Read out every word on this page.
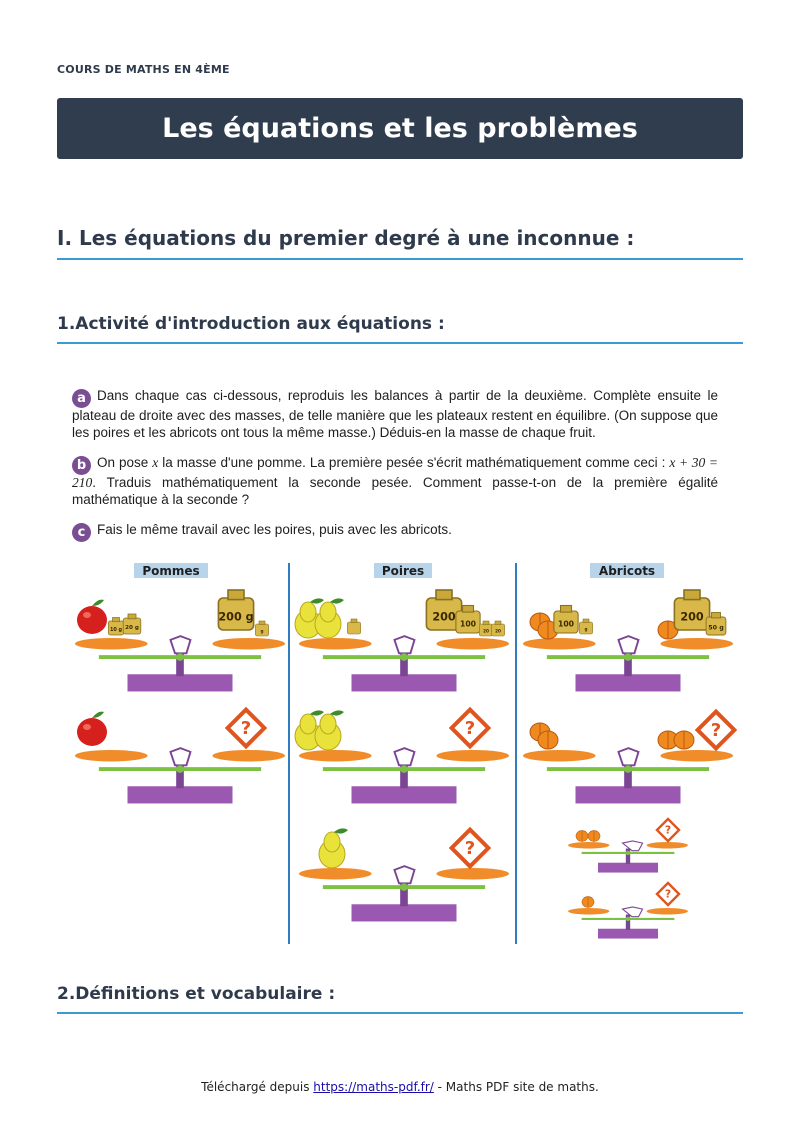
COURS DE MATHS EN 4ÈME
Les équations et les problèmes
I. Les équations du premier degré à une inconnue :
1.Activité d'introduction aux équations :

a Dans chaque cas ci-dessous, reproduis les balances à partir de la deuxième. Complète ensuite le plateau de droite avec des masses, de telle manière que les plateaux restent en équilibre. (On suppose que les poires et les abricots ont tous la même masse.) Déduis-en la masse de chaque fruit.

b On pose x la masse d'une pomme. La première pesée s'écrit mathématiquement comme ceci : x + 30 = 210. Traduis mathématiquement la seconde pesée. Comment passe-t-on de la première égalité mathématique à la seconde ?

c Fais le même travail avec les poires, puis avec les abricots.

?	Pommes	Poires	Abricots
10 g 20 g
200 g
g
200
100
20 20
100
g
200
50 g
2.Définitions et vocabulaire :
Téléchargé depuis https://maths-pdf.fr/ - Maths PDF site de maths.
